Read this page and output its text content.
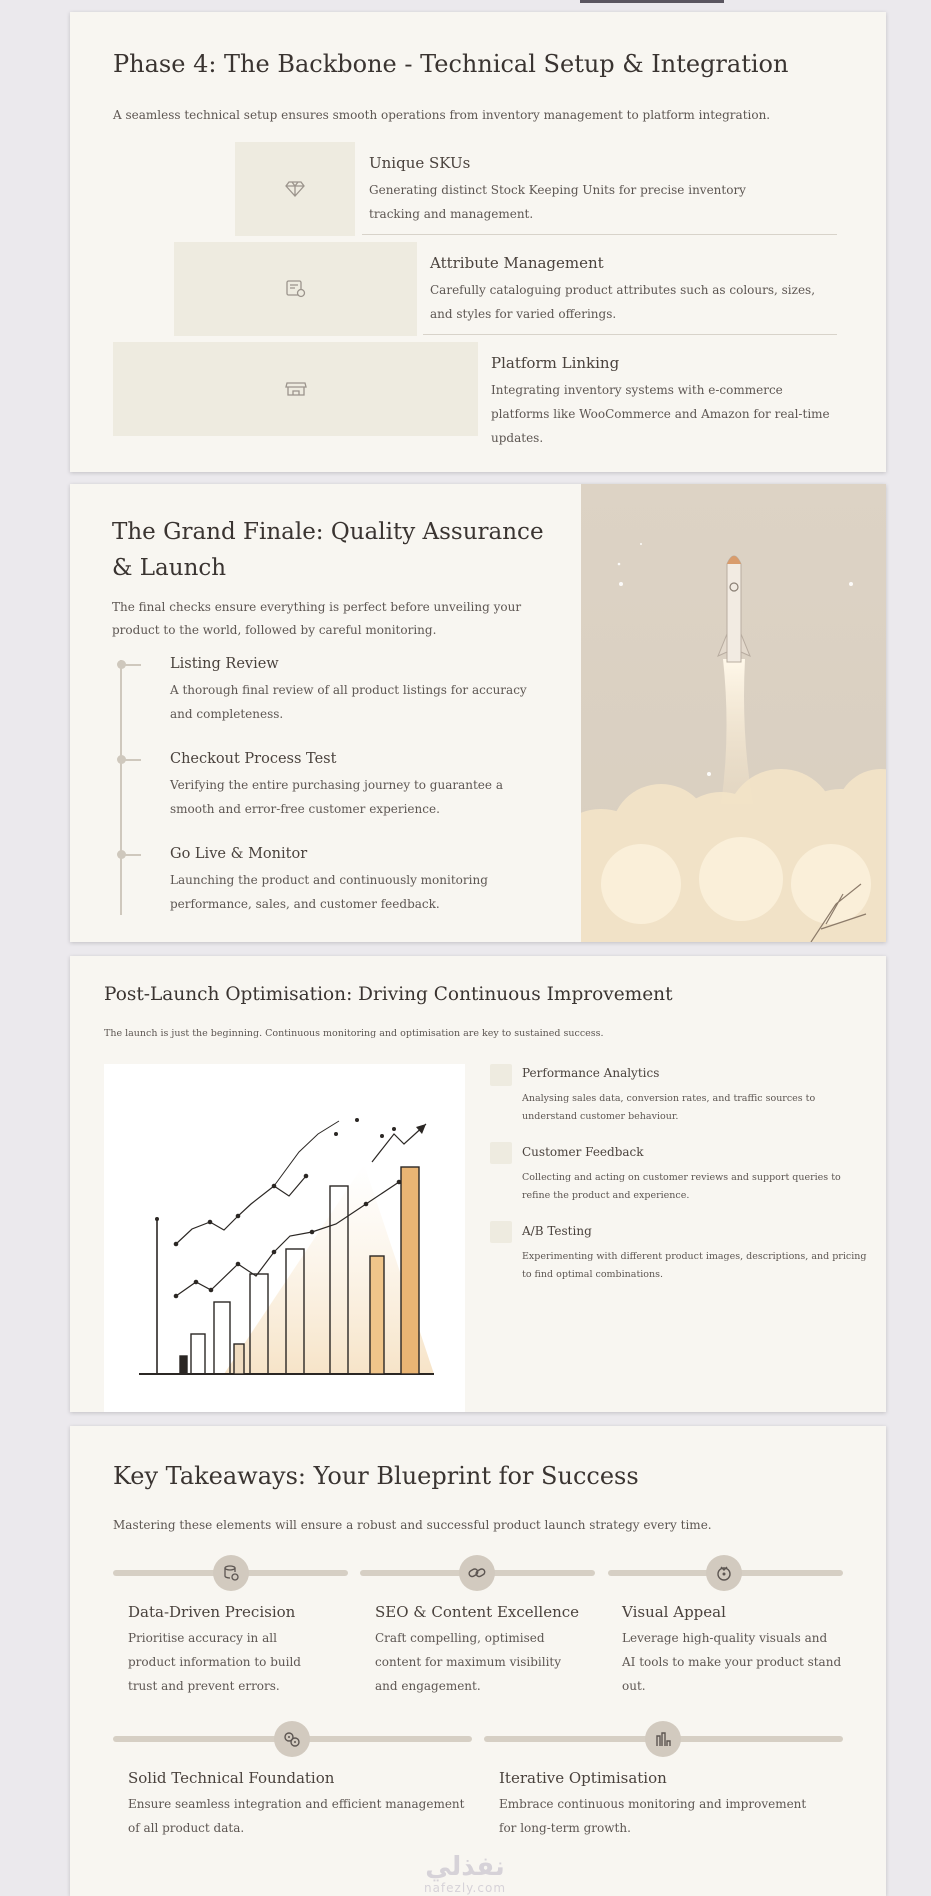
Phase 4: The Backbone - Technical Setup & Integration

A seamless technical setup ensures smooth operations from inventory management to platform integration.

Unique SKUs
Generating distinct Stock Keeping Units for precise inventory tracking and management.
Attribute Management
Carefully cataloguing product attributes such as colours, sizes, and styles for varied offerings.
Platform Linking
Integrating inventory systems with e-commerce platforms like WooCommerce and Amazon for real-time updates.
The Grand Finale: Quality Assurance & Launch

The final checks ensure everything is perfect before unveiling your product to the world, followed by careful monitoring.

Listing Review
A thorough final review of all product listings for accuracy and completeness.
Checkout Process Test
Verifying the entire purchasing journey to guarantee a smooth and error-free customer experience.
Go Live & Monitor
Launching the product and continuously monitoring performance, sales, and customer feedback.
Post-Launch Optimisation: Driving Continuous Improvement

The launch is just the beginning. Continuous monitoring and optimisation are key to sustained success.

Performance Analytics
Analysing sales data, conversion rates, and traffic sources to understand customer behaviour.
Customer Feedback
Collecting and acting on customer reviews and support queries to refine the product and experience.
A/B Testing
Experimenting with different product images, descriptions, and pricing to find optimal combinations.
Key Takeaways: Your Blueprint for Success

Mastering these elements will ensure a robust and successful product launch strategy every time.

Data-Driven Precision
Prioritise accuracy in all product information to build trust and prevent errors.
SEO & Content Excellence
Craft compelling, optimised content for maximum visibility and engagement.
Visual Appeal
Leverage high-quality visuals and AI tools to make your product stand out.
Solid Technical Foundation
Ensure seamless integration and efficient management of all product data.
Iterative Optimisation
Embrace continuous monitoring and improvement for long-term growth.
نفذلي
nafezly.com
